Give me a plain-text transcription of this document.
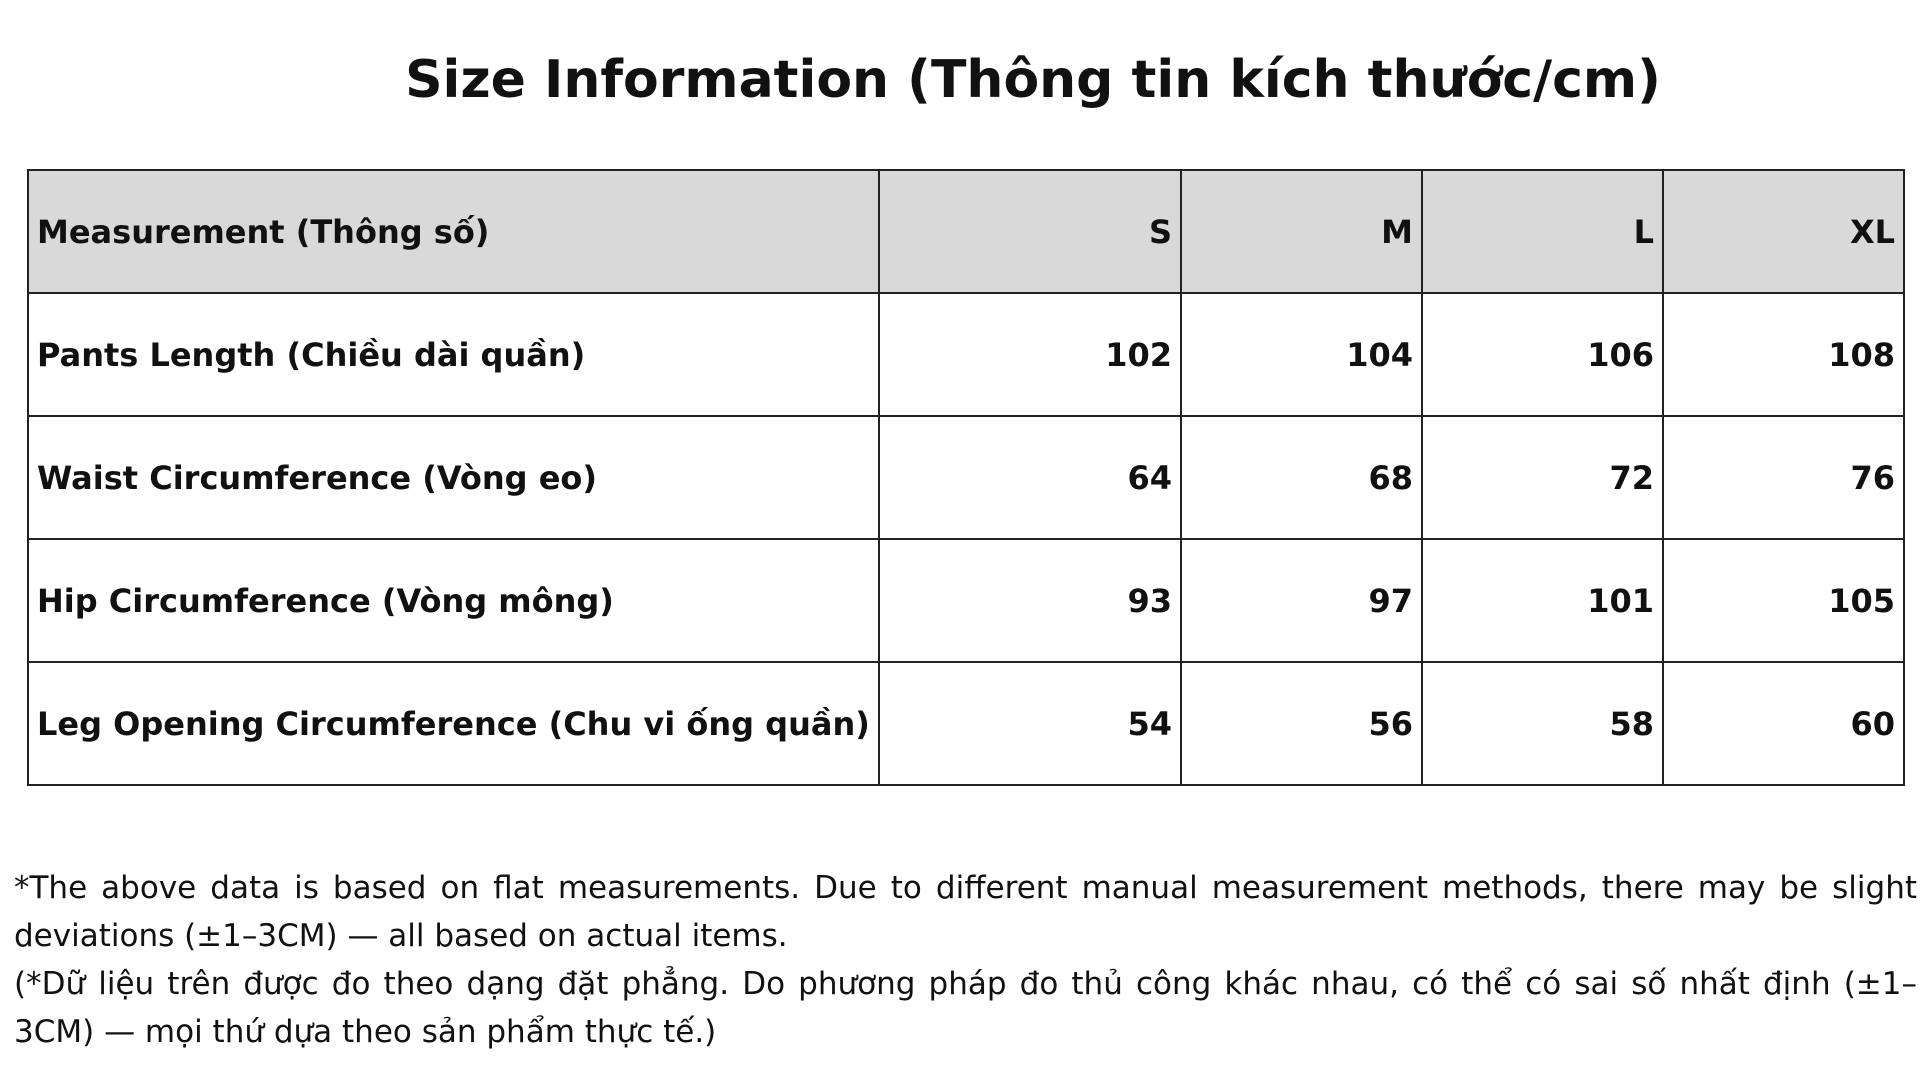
Size Information (Thông tin kích thước/cm)
Measurement (Thông số)	S	M	L	XL
Pants Length (Chiều dài quần)	102	104	106	108
Waist Circumference (Vòng eo)	64	68	72	76
Hip Circumference (Vòng mông)	93	97	101	105
Leg Opening Circumference (Chu vi ống quần)	54	56	58	60

*The above data is based on flat measurements. Due to different manual measurement methods, there may be slight deviations (±1–3CM) — all based on actual items.
(*Dữ liệu trên được đo theo dạng đặt phẳng. Do phương pháp đo thủ công khác nhau, có thể có sai số nhất định (±1–3CM) — mọi thứ dựa theo sản phẩm thực tế.)
